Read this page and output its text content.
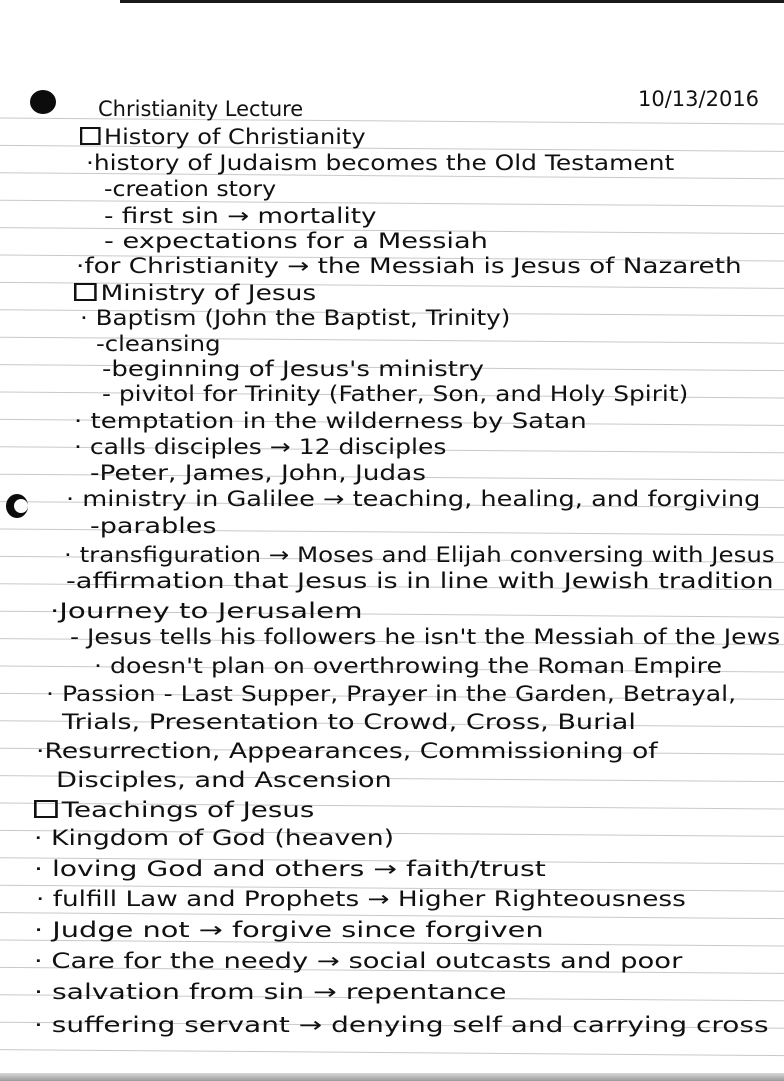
Christianity Lecture	10/13/2016
History of Christianity
·history of Judaism becomes the Old Testament
-creation story
- first sin → mortality
- expectations for a Messiah
·for Christianity → the Messiah is Jesus of Nazareth
Ministry of Jesus
· Baptism (John the Baptist, Trinity)
-cleansing
-beginning of Jesus's ministry
- pivitol for Trinity (Father, Son, and Holy Spirit)
· temptation in the wilderness by Satan
· calls disciples → 12 disciples
-Peter, James, John, Judas
· ministry in Galilee → teaching, healing, and forgiving
-parables
· transfiguration → Moses and Elijah conversing with Jesus
-affirmation that Jesus is in line with Jewish tradition
·Journey to Jerusalem
- Jesus tells his followers he isn't the Messiah of the Jews
· doesn't plan on overthrowing the Roman Empire
· Passion - Last Supper, Prayer in the Garden, Betrayal,
Trials, Presentation to Crowd, Cross, Burial
·Resurrection, Appearances, Commissioning of
Disciples, and Ascension
Teachings of Jesus
· Kingdom of God (heaven)
· loving God and others → faith/trust
· fulfill Law and Prophets → Higher Righteousness
· Judge not → forgive since forgiven
· Care for the needy → social outcasts and poor
· salvation from sin → repentance
· suffering servant → denying self and carrying cross
